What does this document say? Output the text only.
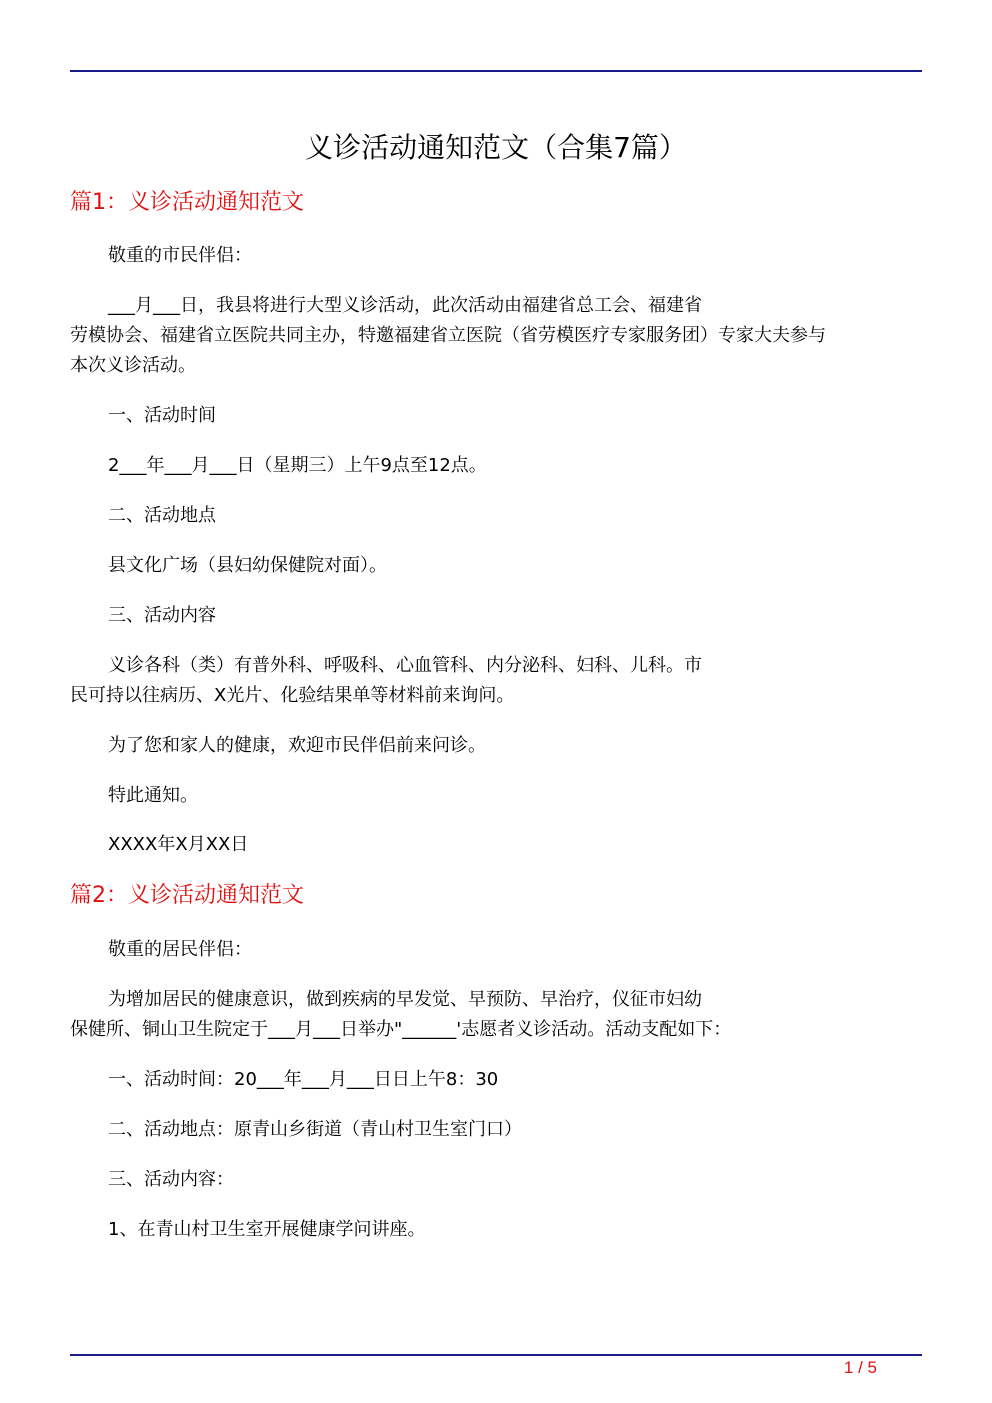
义诊活动通知范文（合集7篇）
篇1：义诊活动通知范文
敬重的市民伴侣：
___月___日，我县将进行大型义诊活动，此次活动由福建省总工会、福建省
劳模协会、福建省立医院共同主办，特邀福建省立医院（省劳模医疗专家服务团）专家大夫参与
本次义诊活动。
一、活动时间
2___年___月___日（星期三）上午9点至12点。
二、活动地点
县文化广场（县妇幼保健院对面）。
三、活动内容
义诊各科（类）有普外科、呼吸科、心血管科、内分泌科、妇科、儿科。市
民可持以往病历、X光片、化验结果单等材料前来询问。
为了您和家人的健康，欢迎市民伴侣前来问诊。
特此通知。
XXXX年X月XX日
篇2：义诊活动通知范文
敬重的居民伴侣：
为增加居民的健康意识，做到疾病的早发觉、早预防、早治疗，仪征市妇幼
保健所、铜山卫生院定于___月___日举办"______'志愿者义诊活动。活动支配如下：
一、活动时间：20___年___月___日日上午8：30
二、活动地点：原青山乡街道（青山村卫生室门口）
三、活动内容：
1、在青山村卫生室开展健康学问讲座。
1 / 5
